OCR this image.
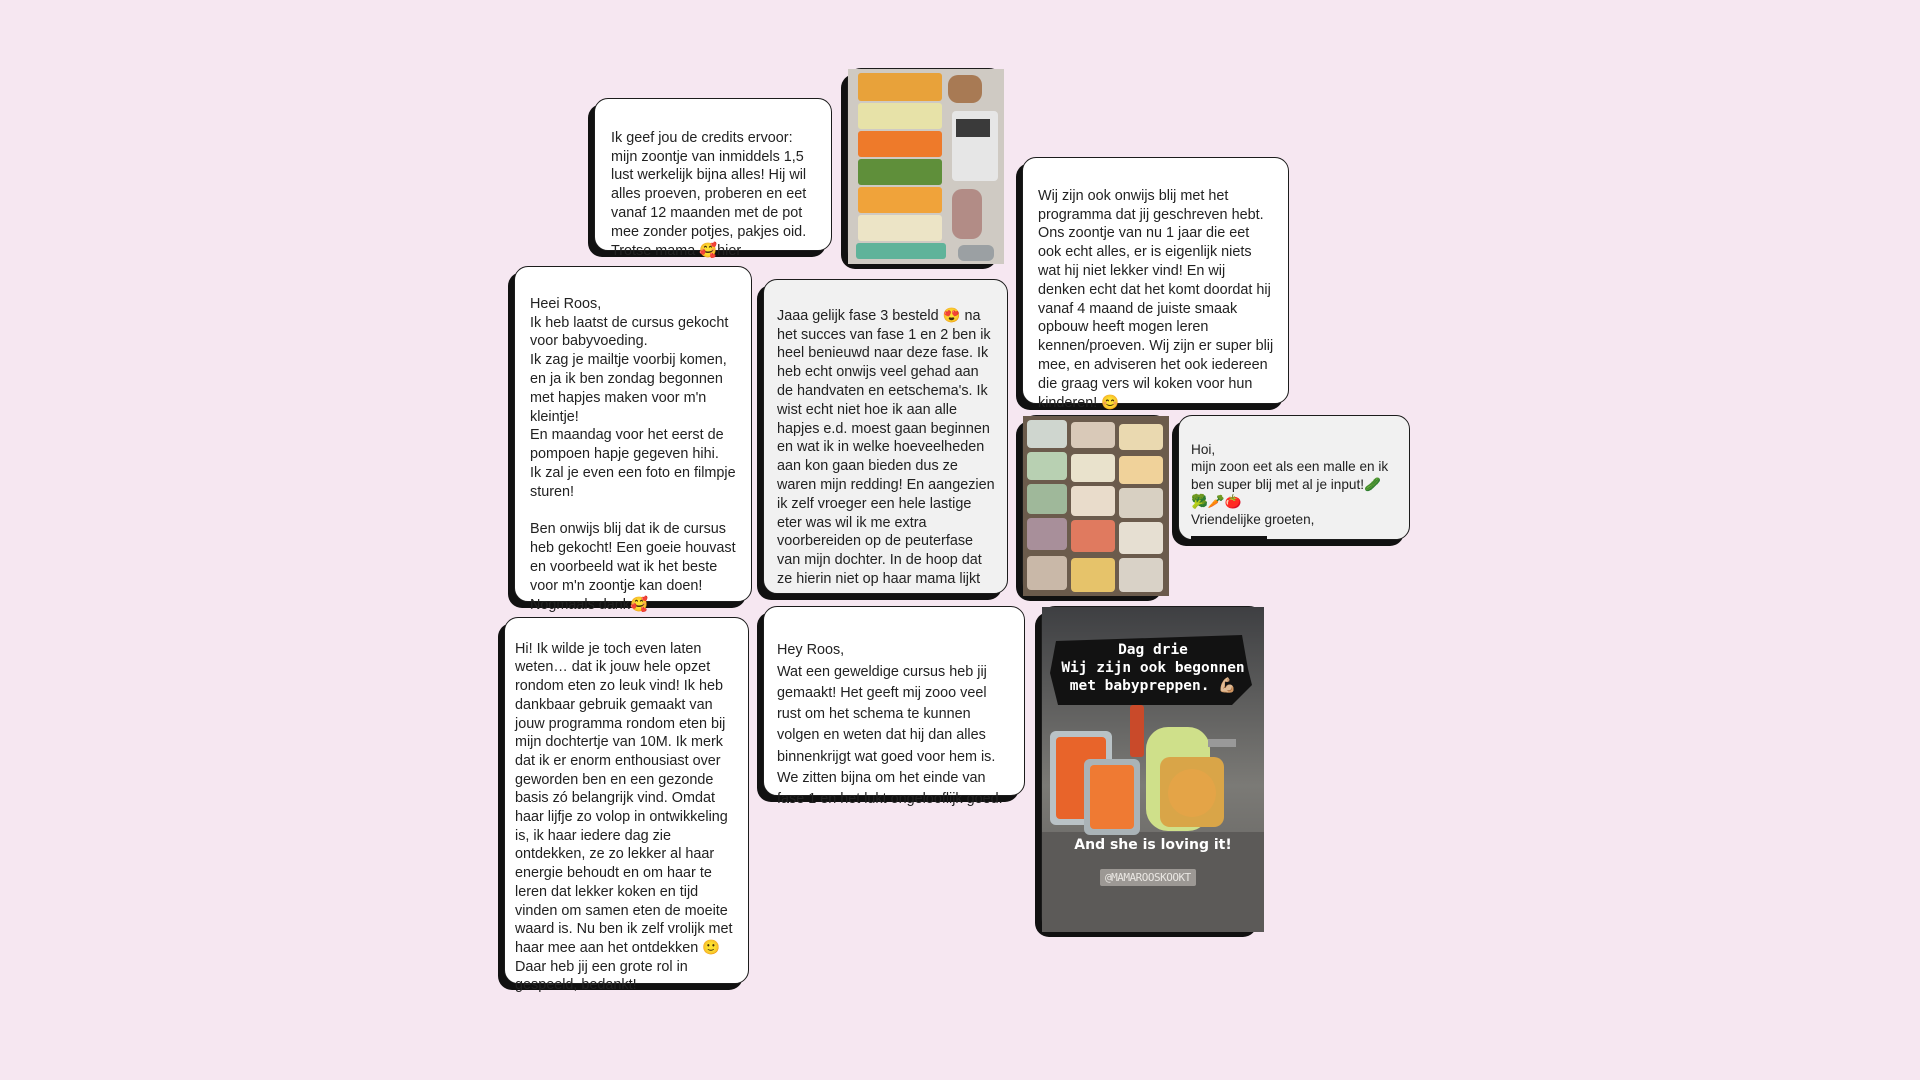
Ik geef jou de credits ervoor: mijn zoontje van inmiddels 1,5 lust werkelijk bijna alles! Hij wil alles proeven, proberen en eet vanaf 12 maanden met de pot mee zonder potjes, pakjes oid. Trotse mama 🥰hier

Wij zijn ook onwijs blij met het programma dat jij geschreven hebt. Ons zoontje van nu 1 jaar die eet ook echt alles, er is eigenlijk niets wat hij niet lekker vind! En wij denken echt dat het komt doordat hij vanaf 4 maand de juiste smaak opbouw heeft mogen leren kennen/proeven. Wij zijn er super blij mee, en adviseren het ook iedereen die graag vers wil koken voor hun kinderen! 😊

Heei Roos,
Ik heb laatst de cursus gekocht voor babyvoeding.
Ik zag je mailtje voorbij komen, en ja ik ben zondag begonnen met hapjes maken voor m'n kleintje!
En maandag voor het eerst de pompoen hapje gegeven hihi.
Ik zal je even een foto en filmpje sturen!

Ben onwijs blij dat ik de cursus heb gekocht! Een goeie houvast en voorbeeld wat ik het beste voor m'n zoontje kan doen! Nogmaals dank🥰

Jaaa gelijk fase 3 besteld 😍 na het succes van fase 1 en 2 ben ik heel benieuwd naar deze fase. Ik heb echt onwijs veel gehad aan de handvaten en eetschema's. Ik wist echt niet hoe ik aan alle hapjes e.d. moest gaan beginnen en wat ik in welke hoeveelheden aan kon gaan bieden dus ze waren mijn redding! En aangezien ik zelf vroeger een hele lastige eter was wil ik me extra voorbereiden op de peuterfase van mijn dochter. In de hoop dat ze hierin niet op haar mama lijkt

Hoi,
mijn zoon eet als een malle en ik ben super blij met al je input!🥒
🥦🥕🍅
Vriendelijke groeten,

Hi! Ik wilde je toch even laten weten… dat ik jouw hele opzet rondom eten zo leuk vind! Ik heb dankbaar gebruik gemaakt van jouw programma rondom eten bij mijn dochtertje van 10M. Ik merk dat ik er enorm enthousiast over geworden ben en een gezonde basis zó belangrijk vind. Omdat haar lijfje zo volop in ontwikkeling is, ik haar iedere dag zie ontdekken, ze zo lekker al haar energie behoudt en om haar te leren dat lekker koken en tijd vinden om samen eten de moeite waard is. Nu ben ik zelf vrolijk met haar mee aan het ontdekken 🙂Daar heb jij een grote rol in gespeeld, bedankt!

Hey Roos,
Wat een geweldige cursus heb jij gemaakt! Het geeft mij zooo veel rust om het schema te kunnen volgen en weten dat hij dan alles binnenkrijgt wat goed voor hem is. We zitten bijna om het einde van fase 1 en het lukt ongelooflijk goed.

Dag drie
Wij zijn ook begonnen
met babypreppen. 💪🏼
And she is loving it!
@MAMAROOSKOOKT
